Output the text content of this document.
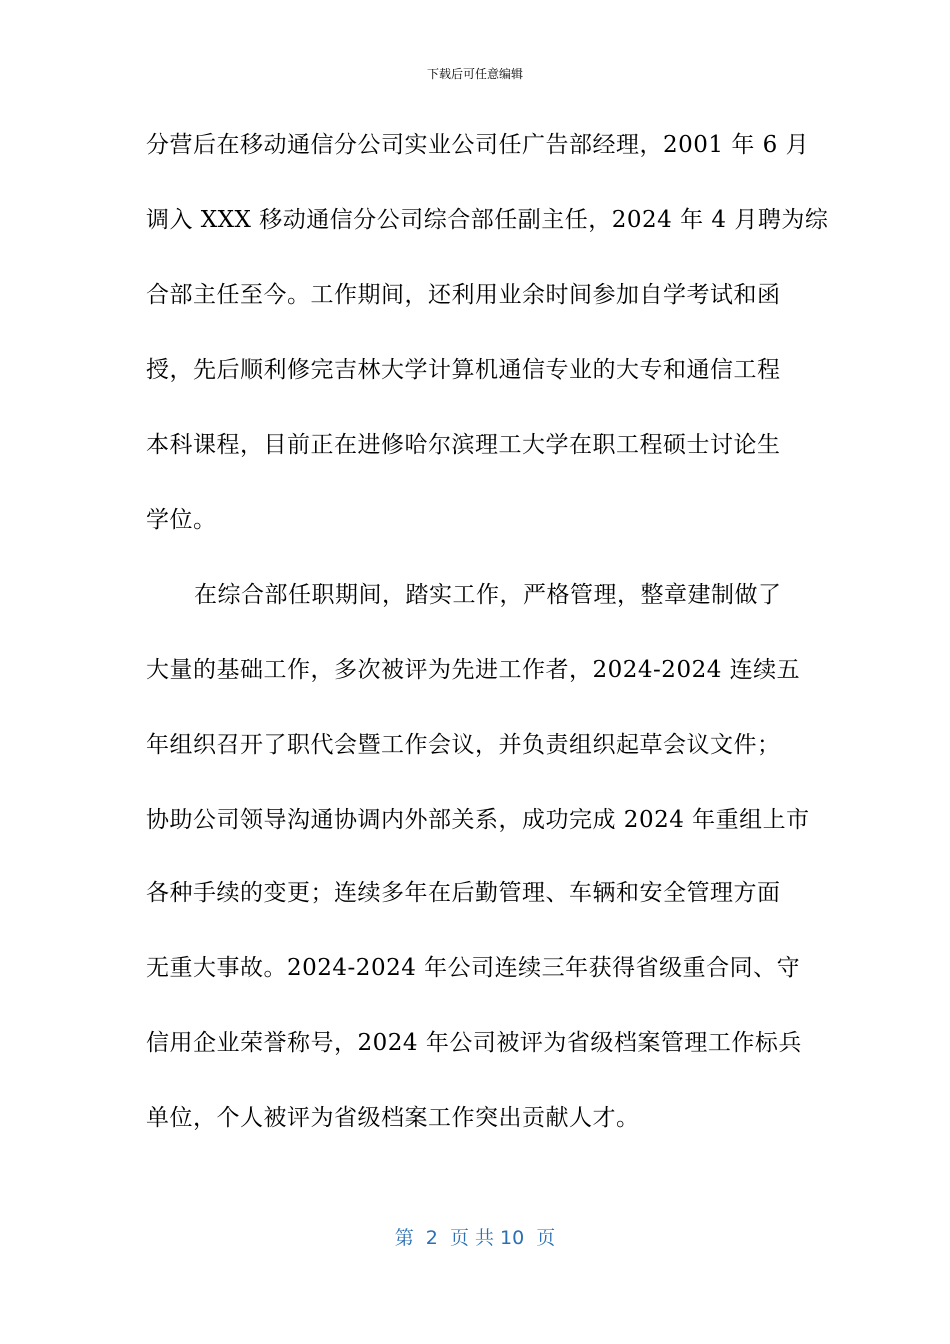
下载后可任意编辑
分营后在移动通信分公司实业公司任广告部经理，2001 年 6 月
调入 XXX 移动通信分公司综合部任副主任，2024 年 4 月聘为综
合部主任至今。工作期间，还利用业余时间参加自学考试和函
授，先后顺利修完吉林大学计算机通信专业的大专和通信工程
本科课程，目前正在进修哈尔滨理工大学在职工程硕士讨论生
学位。
在综合部任职期间，踏实工作，严格管理，整章建制做了
大量的基础工作，多次被评为先进工作者，2024-2024 连续五
年组织召开了职代会暨工作会议，并负责组织起草会议文件；
协助公司领导沟通协调内外部关系，成功完成 2024 年重组上市
各种手续的变更；连续多年在后勤管理、车辆和安全管理方面
无重大事故。2024-2024 年公司连续三年获得省级重合同、守
信用企业荣誉称号，2024 年公司被评为省级档案管理工作标兵
单位，个人被评为省级档案工作突出贡献人才。
第  2  页 共 10  页
